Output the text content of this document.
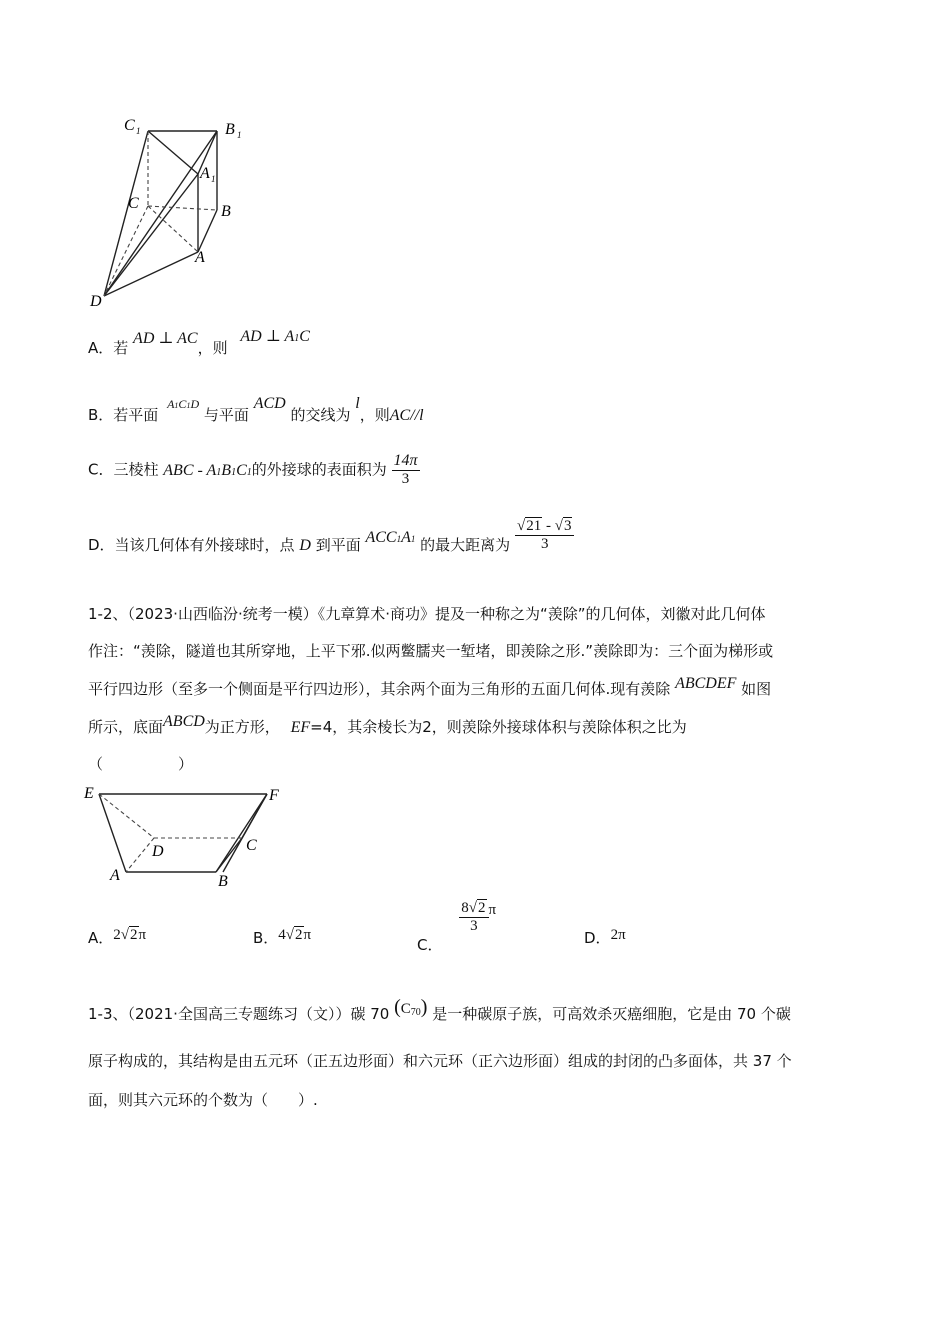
C 1	B 1
A 1
C	B
A
D
A．若 AD ⊥ AC，则 AD ⊥ A1C
B．若平面 $^{A1C1D}$ 与平面 ACD 的交线为 l，则AC//l
C．三棱柱 ABC - A1B1C1的外接球的表面积为 $\frac{14\pi}{3}$
D．当该几何体有外接球时，点 D 到平面 ACC1A1 的最大距离为 $\frac{√21 - √3}{3}$
1-2、（2023·山西临汾·统考一模）《九章算术·商功》提及一种称之为“羡除”的几何体，刘徽对此几何体
作注：“羡除，隧道也其所穿地，上平下邪.似两鳖臑夹一堑堵，即羡除之形.”羡除即为：三个面为梯形或
平行四边形（至多一个侧面是平行四边形），其余两个面为三角形的五面几何体.现有羡除 ABCDEF 如图
所示，底面ABCD为正方形， EF=4，其余棱长为2，则羡除外接球体积与羡除体积之比为
（　　　　　）
E	F
D	C
A	B
A．2√2π	B．4√2π
C．
$\frac{8√2}{3}$ π
D．2π
1-3、（2021·全国高三专题练习（文））碳 70 $(C^{70})$ 是一种碳原子族，可高效杀灭癌细胞，它是由 70 个碳
原子构成的，其结构是由五元环（正五边形面）和六元环（正六边形面）组成的封闭的凸多面体，共 37 个
面，则其六元环的个数为（　　）.
